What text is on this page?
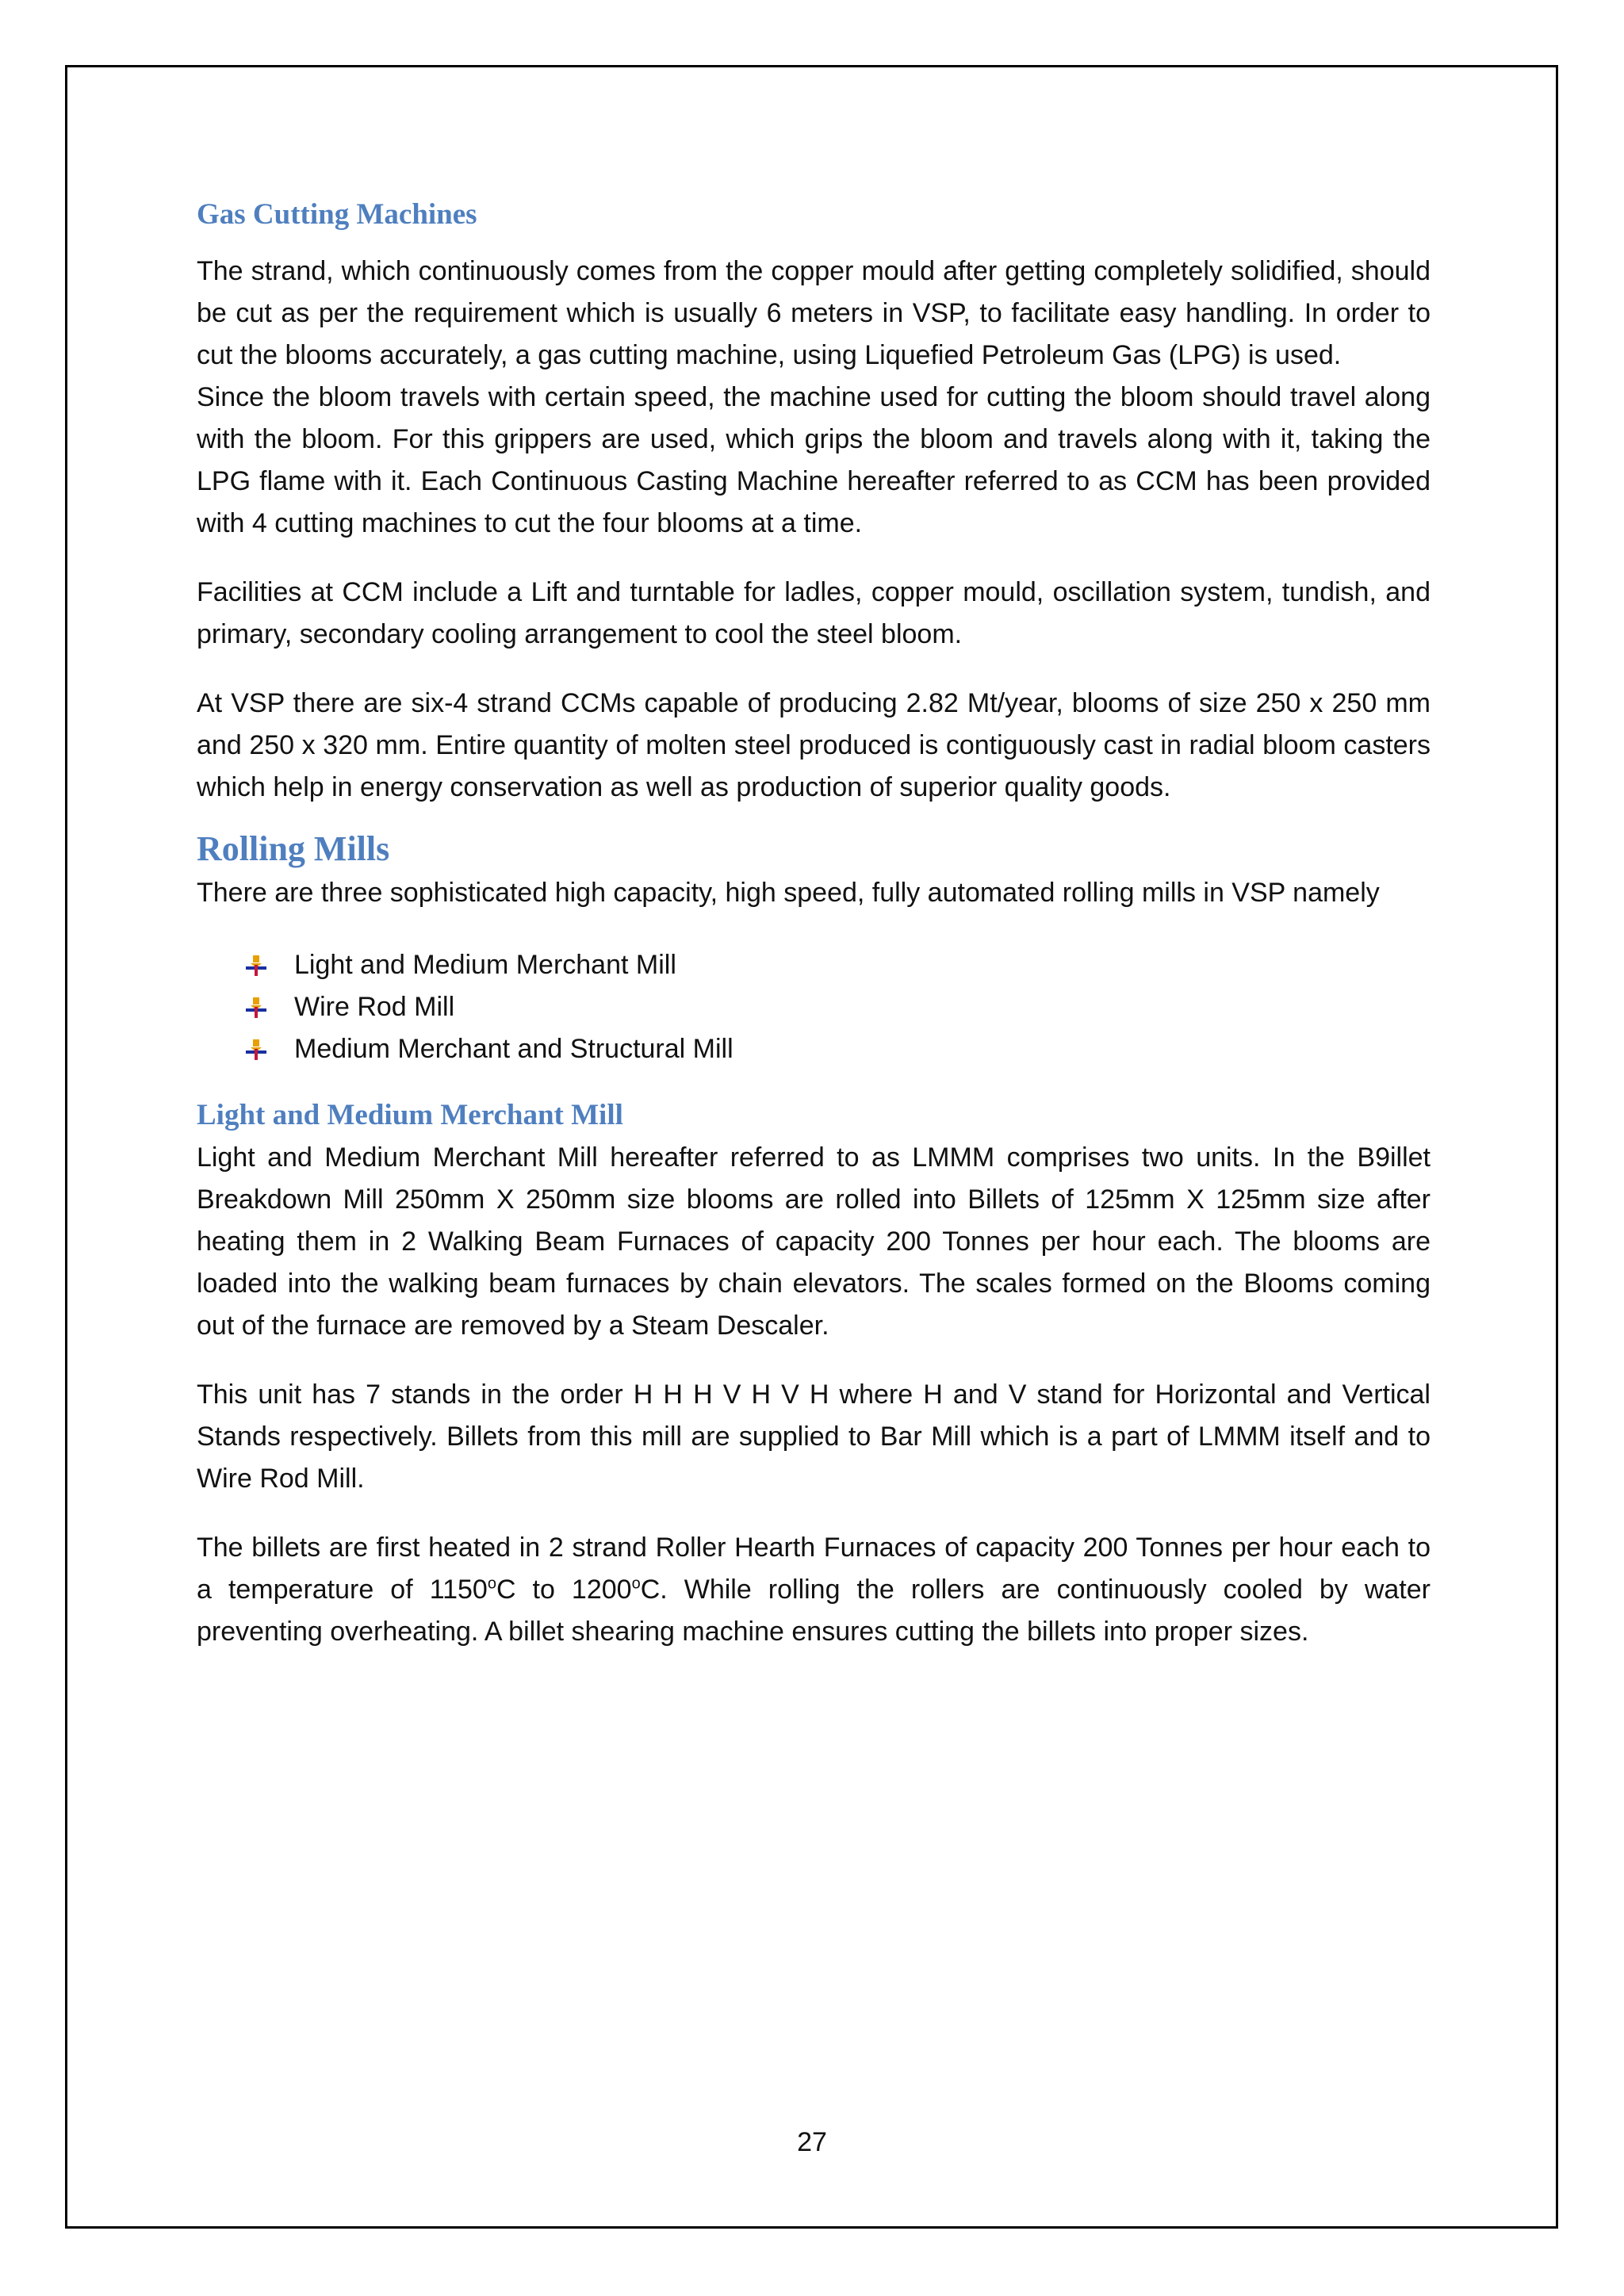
Gas Cutting Machines

The strand, which continuously comes from the copper mould after getting completely solidified, should be cut as per the requirement which is usually 6 meters in VSP, to facilitate easy handling. In order to cut the blooms accurately, a gas cutting machine, using Liquefied Petroleum Gas (LPG) is used.

Since the bloom travels with certain speed, the machine used for cutting the bloom should travel along with the bloom. For this grippers are used, which grips the bloom and travels along with it, taking the LPG flame with it. Each Continuous Casting Machine hereafter referred to as CCM has been provided with 4 cutting machines to cut the four blooms at a time.

Facilities at CCM include a Lift and turntable for ladles, copper mould, oscillation system, tundish, and primary, secondary cooling arrangement to cool the steel bloom.

At VSP there are six-4 strand CCMs capable of producing 2.82 Mt/year, blooms of size 250 x 250 mm and 250 x 320 mm. Entire quantity of molten steel produced is contiguously cast in radial bloom casters which help in energy conservation as well as production of superior quality goods.

Rolling Mills

There are three sophisticated high capacity, high speed, fully automated rolling mills in VSP namely

Light and Medium Merchant Mill
Wire Rod Mill
Medium Merchant and Structural Mill
Light and Medium Merchant Mill

Light and Medium Merchant Mill hereafter referred to as LMMM comprises two units. In the B9illet Breakdown Mill 250mm X 250mm size blooms are rolled into Billets of 125mm X 125mm size after heating them in 2 Walking Beam Furnaces of capacity 200 Tonnes per hour each. The blooms are loaded into the walking beam furnaces by chain elevators. The scales formed on the Blooms coming out of the furnace are removed by a Steam Descaler.

This unit has 7 stands in the order H H H V H V H where H and V stand for Horizontal and Vertical Stands respectively. Billets from this mill are supplied to Bar Mill which is a part of LMMM itself and to Wire Rod Mill.

The billets are first heated in 2 strand Roller Hearth Furnaces of capacity 200 Tonnes per hour each to a temperature of 1150$^o$C to 1200$^o$C. While rolling the rollers are continuously cooled by water preventing overheating. A billet shearing machine ensures cutting the billets into proper sizes.

27
